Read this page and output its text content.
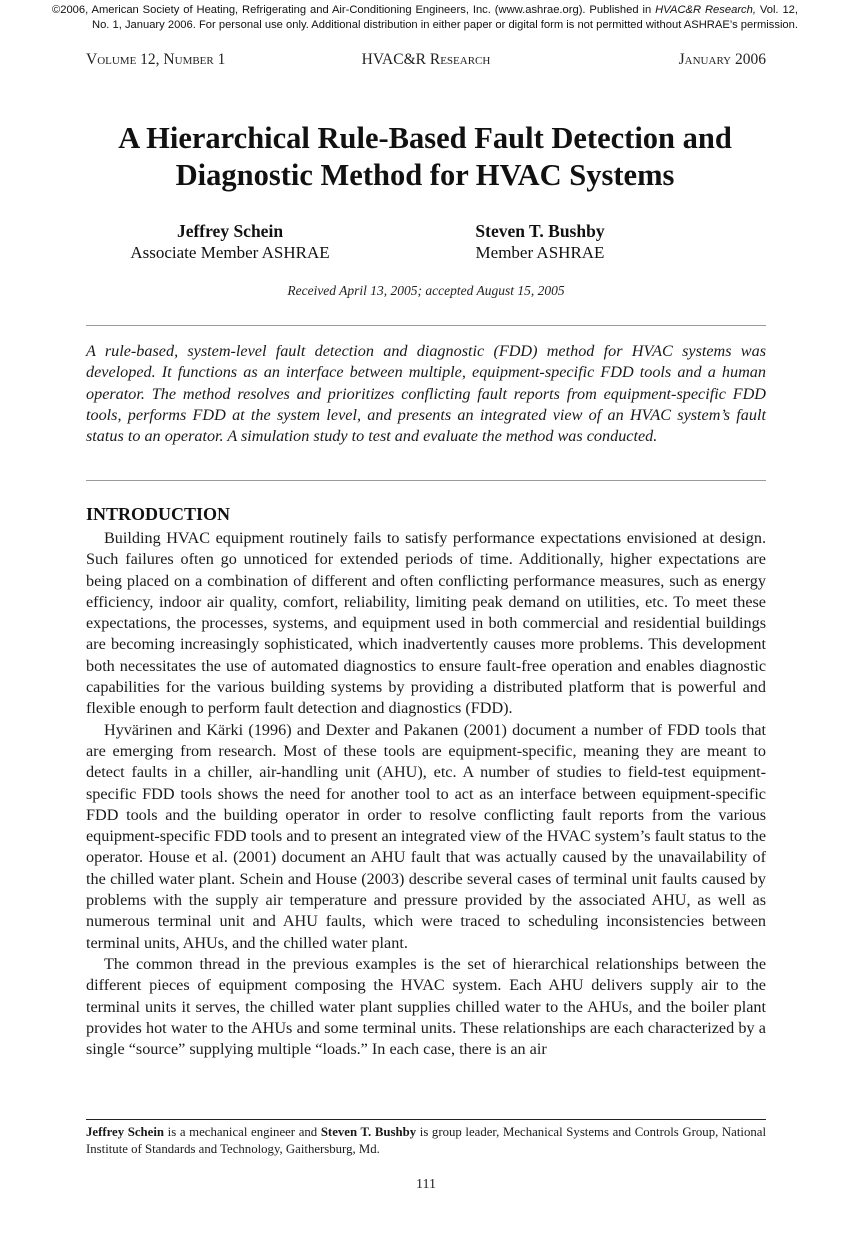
©2006, American Society of Heating, Refrigerating and Air-Conditioning Engineers, Inc. (www.ashrae.org). Published in HVAC&R Research, Vol. 12, No. 1, January 2006. For personal use only. Additional distribution in either paper or digital form is not permitted without ASHRAE’s permission.
Volume 12, Number 1	HVAC&R Research	January 2006
A Hierarchical Rule-Based Fault Detection and Diagnostic Method for HVAC Systems
Jeffrey Schein
Associate Member ASHRAE
Steven T. Bushby
Member ASHRAE
Received April 13, 2005; accepted August 15, 2005

A rule-based, system-level fault detection and diagnostic (FDD) method for HVAC systems was developed. It functions as an interface between multiple, equipment-specific FDD tools and a human operator. The method resolves and prioritizes conflicting fault reports from equipment-specific FDD tools, performs FDD at the system level, and presents an integrated view of an HVAC system’s fault status to an operator. A simulation study to test and evaluate the method was conducted.

INTRODUCTION

Building HVAC equipment routinely fails to satisfy performance expectations envisioned at design. Such failures often go unnoticed for extended periods of time. Additionally, higher expectations are being placed on a combination of different and often conflicting performance measures, such as energy efficiency, indoor air quality, comfort, reliability, limiting peak demand on utilities, etc. To meet these expectations, the processes, systems, and equipment used in both commercial and residential buildings are becoming increasingly sophisticated, which inadvertently causes more problems. This development both necessitates the use of automated diagnostics to ensure fault-free operation and enables diagnostic capabilities for the various building systems by providing a distributed platform that is powerful and flexible enough to perform fault detection and diagnostics (FDD).

Hyvärinen and Kärki (1996) and Dexter and Pakanen (2001) document a number of FDD tools that are emerging from research. Most of these tools are equipment-specific, meaning they are meant to detect faults in a chiller, air-handling unit (AHU), etc. A number of studies to field-test equipment-specific FDD tools shows the need for another tool to act as an interface between equipment-specific FDD tools and the building operator in order to resolve conflicting fault reports from the various equipment-specific FDD tools and to present an integrated view of the HVAC system’s fault status to the operator. House et al. (2001) document an AHU fault that was actually caused by the unavailability of the chilled water plant. Schein and House (2003) describe several cases of terminal unit faults caused by problems with the supply air temperature and pressure provided by the associated AHU, as well as numerous terminal unit and AHU faults, which were traced to scheduling inconsistencies between terminal units, AHUs, and the chilled water plant.

The common thread in the previous examples is the set of hierarchical relationships between the different pieces of equipment composing the HVAC system. Each AHU delivers supply air to the terminal units it serves, the chilled water plant supplies chilled water to the AHUs, and the boiler plant provides hot water to the AHUs and some terminal units. These relationships are each characterized by a single “source” supplying multiple “loads.” In each case, there is an air

Jeffrey Schein is a mechanical engineer and Steven T. Bushby is group leader, Mechanical Systems and Controls Group, National Institute of Standards and Technology, Gaithersburg, Md.

111
